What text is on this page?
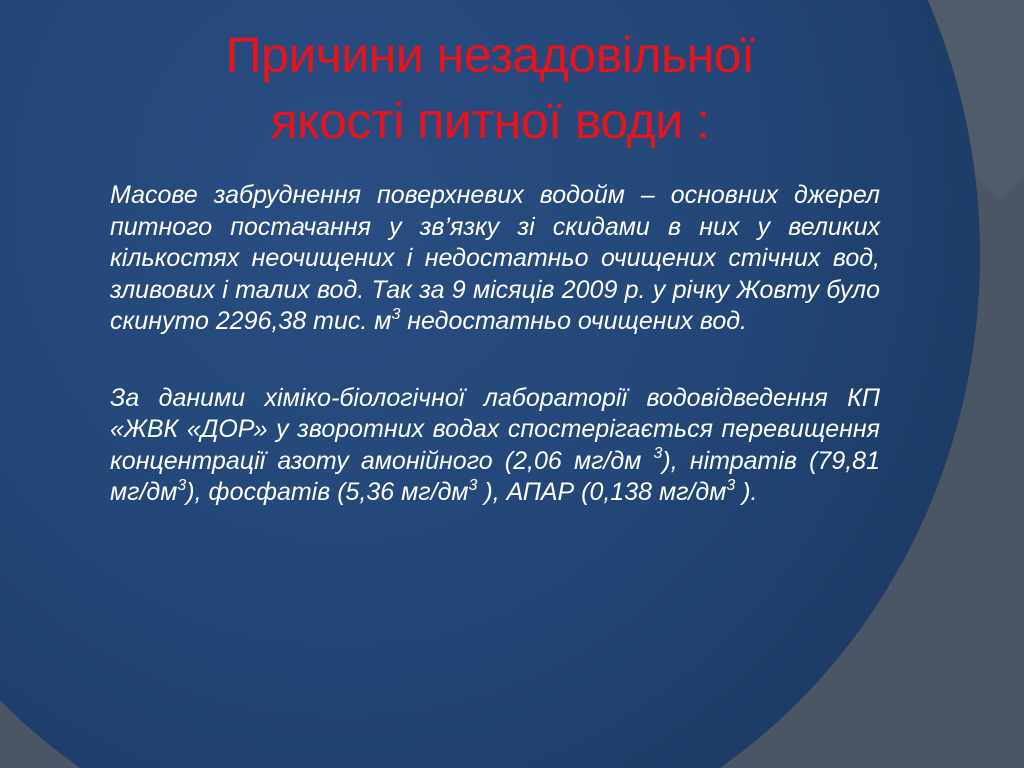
Причини незадовільної
якості питної води :

Масове забруднення поверхневих водойм – основних джерел питного постачання у зв’язку зі скидами в них у великих кількостях неочищених і недостатньо очищених стічних вод, зливових і талих вод. Так за 9 місяців 2009 р. у річку Жовту було скинуто 2296,38 тис. $м^3$ недостатньо очищених вод.

За даними хіміко-біологічної лабораторії водовідведення КП «ЖВК «ДОР» у зворотних водах спостерігається перевищення концентрації азоту амонійного (2,06 мг/дм $^3$), нітратів (79,81 $мг/дм^3$), фосфатів (5,36 $мг/дм^3$ ), АПАР (0,138 $мг/дм^3$ ).
